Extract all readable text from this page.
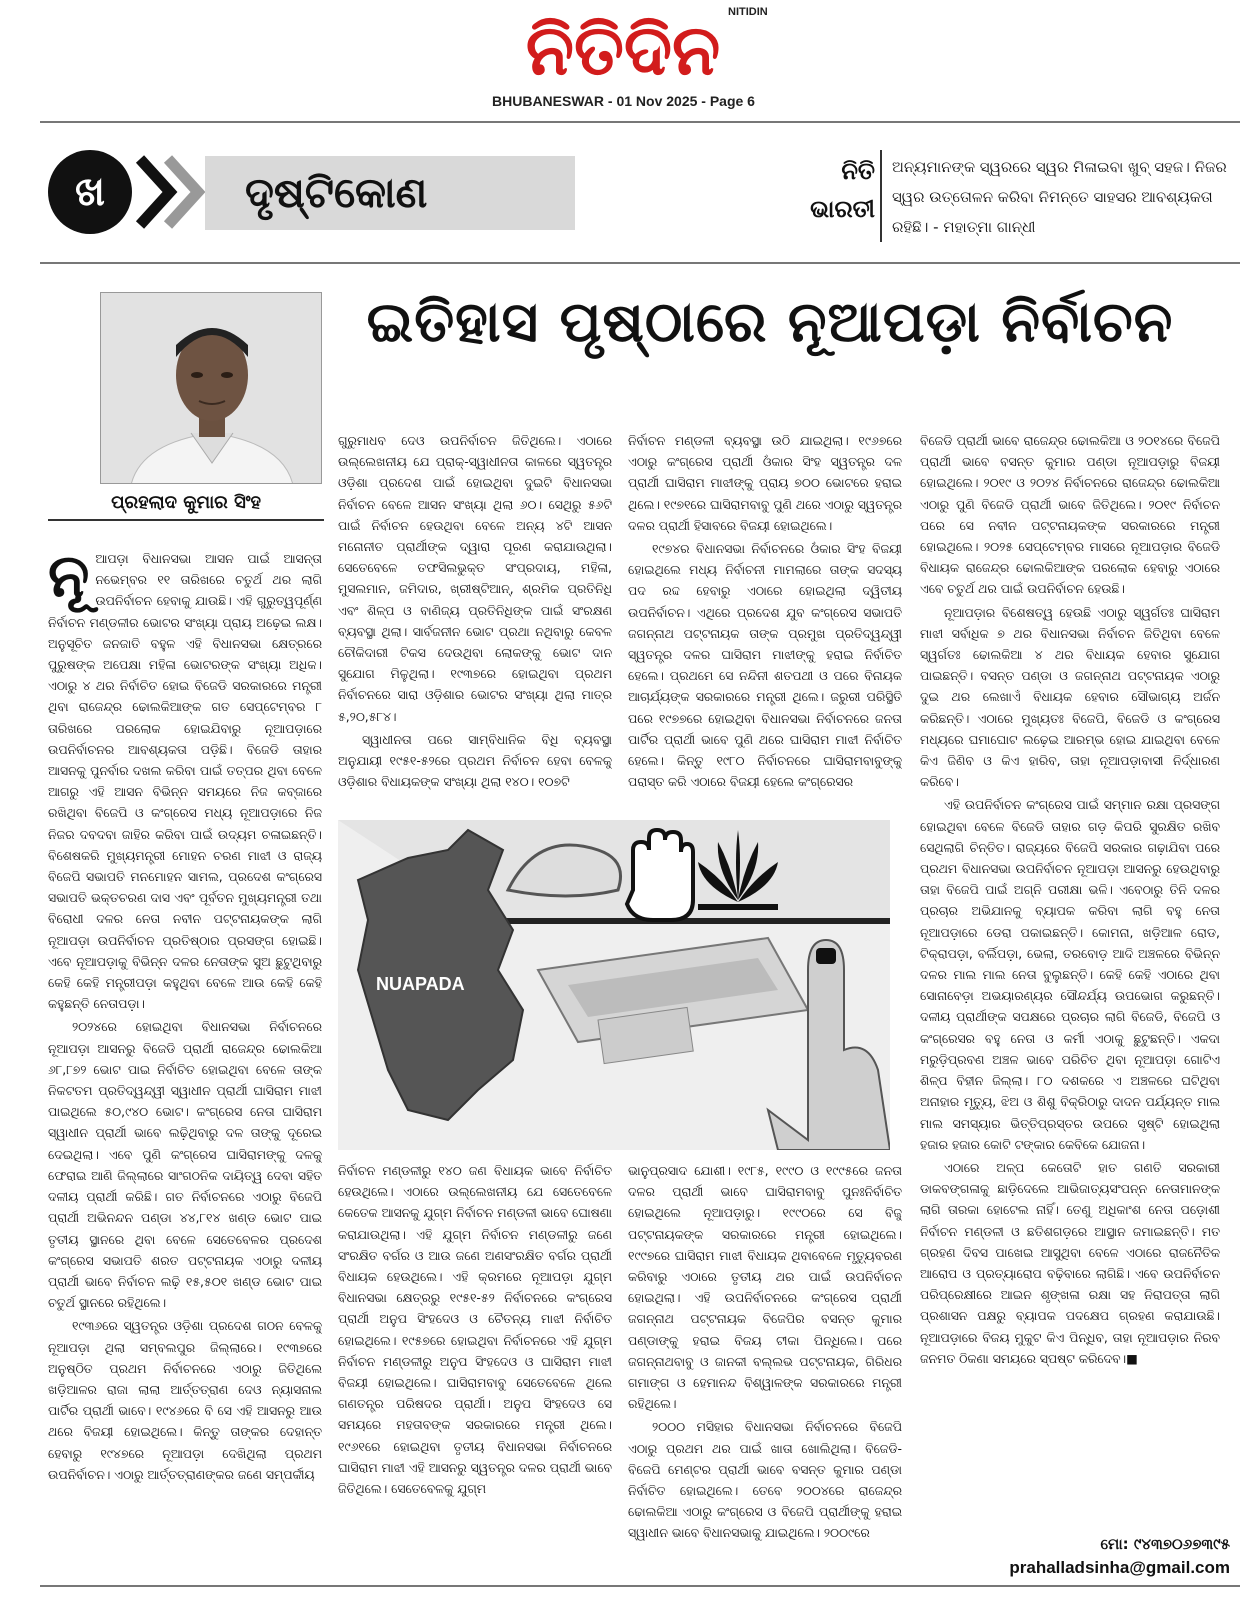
ନିତିଦିନ NITIDIN
BHUBANESWAR - 01 Nov 2025 - Page 6
ଖ	ଦୃଷ୍ଟିକୋଣ	ନିତି
ଭାରତୀ
ଅନ୍ୟମାନଙ୍କ ସ୍ୱରରେ ସ୍ୱର ମିଳାଇବା ଖୁବ୍ ସହଜ। ନିଜର ସ୍ୱର ଉତ୍ତୋଳନ କରିବା ନିମନ୍ତେ ସାହସର ଆବଶ୍ୟକତା ରହିଛି। - ମହାତ୍ମା ଗାନ୍ଧୀ
ପ୍ରହଲାଦ କୁମାର ସିଂହ
ଇତିହାସ ପୃଷ୍ଠାରେ ନୂଆପଡ଼ା ନିର୍ବାଚନ

ନୂଆପଡ଼ା ବିଧାନସଭା ଆସନ ପାଇଁ ଆସନ୍ତା ନଭେମ୍ବର ୧୧ ତାରିଖରେ ଚତୁର୍ଥ ଥର ଲାଗି ଉପନିର୍ବାଚନ ହେବାକୁ ଯାଉଛି। ଏହି ଗୁରୁତ୍ୱପୂର୍ଣ୍ଣ ନିର୍ବାଚନ ମଣ୍ଡଳୀର ଭୋଟର ସଂଖ୍ୟା ପ୍ରାୟ ଅଢ଼େଇ ଲକ୍ଷ। ଅନୁସୂଚିତ ଜନଜାତି ବହୁଳ ଏହି ବିଧାନସଭା କ୍ଷେତ୍ରରେ ପୁରୁଷଙ୍କ ଅପେକ୍ଷା ମହିଳା ଭୋଟରଙ୍କ ସଂଖ୍ୟା ଅଧିକ। ଏଠାରୁ ୪ ଥର ନିର୍ବାଚିତ ହୋଇ ବିଜେଡି ସରକାରରେ ମନ୍ତ୍ରୀ ଥିବା ରାଜେନ୍ଦ୍ର ଢୋଲକିଆଙ୍କ ଗତ ସେପ୍ଟେମ୍ବର ୮ ତାରିଖରେ ପରଲୋକ ହୋଇଯିବାରୁ ନୂଆପଡ଼ାରେ ଉପନିର୍ବାଚନର ଆବଶ୍ୟକତା ପଡ଼ିଛି। ବିଜେଡି ତାହାର ଆସନକୁ ପୁନର୍ବାର ଦଖଲ କରିବା ପାଇଁ ତତ୍ପର ଥିବା ବେଳେ ଆଗରୁ ଏହି ଆସନ ବିଭିନ୍ନ ସମୟରେ ନିଜ କବ୍ଜାରେ ରଖିଥିବା ବିଜେପି ଓ କଂଗ୍ରେସ ମଧ୍ୟ ନୂଆପଡ଼ାରେ ନିଜ ନିଜର ଦବଦବା ଜାହିର କରିବା ପାଇଁ ଉଦ୍ୟମ ଚଳାଇଛନ୍ତି। ବିଶେଷକରି ମୁଖ୍ୟମନ୍ତ୍ରୀ ମୋହନ ଚରଣ ମାଝୀ ଓ ରାଜ୍ୟ ବିଜେପି ସଭାପତି ମନମୋହନ ସାମଲ, ପ୍ରଦେଶ କଂଗ୍ରେସ ସଭାପତି ଭକ୍ତଚରଣ ଦାସ ଏବଂ ପୂର୍ବତନ ମୁଖ୍ୟମନ୍ତ୍ରୀ ତଥା ବିରୋଧୀ ଦଳର ନେତା ନବୀନ ପଟ୍ଟନାୟକଙ୍କ ଲାଗି ନୂଆପଡ଼ା ଉପନିର୍ବାଚନ ପ୍ରତିଷ୍ଠାର ପ୍ରସଙ୍ଗ ହୋଇଛି। ଏବେ ନୂଆପଡ଼ାକୁ ବିଭିନ୍ନ ଦଳର ନେତାଙ୍କ ସୁଅ ଛୁଟୁଥିବାରୁ କେହି କେହି ମନ୍ତ୍ରୀପଡ଼ା କହୁଥିବା ବେଳେ ଆଉ କେହି କେହି କହୁଛନ୍ତି ନେତାପଡ଼ା।

୨୦୨୪ରେ ହୋଇଥିବା ବିଧାନସଭା ନିର୍ବାଚନରେ ନୂଆପଡ଼ା ଆସନରୁ ବିଜେଡି ପ୍ରାର୍ଥୀ ରାଜେନ୍ଦ୍ର ଢୋଲକିଆ ୬୮,୮୭୨ ଭୋଟ ପାଇ ନିର୍ବାଚିତ ହୋଇଥିବା ବେଳେ ତାଙ୍କ ନିକଟତମ ପ୍ରତିଦ୍ୱନ୍ଦ୍ୱୀ ସ୍ୱାଧୀନ ପ୍ରାର୍ଥୀ ଘାସିରାମ ମାଝୀ ପାଇଥିଲେ ୫୦,୯୪୦ ଭୋଟ। କଂଗ୍ରେସ ନେତା ଘାସିରାମ ସ୍ୱାଧୀନ ପ୍ରାର୍ଥୀ ଭାବେ ଲଢ଼ିଥିବାରୁ ଦଳ ତାଙ୍କୁ ଦୂରେଇ ଦେଇଥିଲା। ଏବେ ପୁଣି କଂଗ୍ରେସ ଘାସିରାମଙ୍କୁ ଦଳକୁ ଫେରାଇ ଆଣି ଜିଲ୍ଲାରେ ସାଂଗଠନିକ ଦାୟିତ୍ୱ ଦେବା ସହିତ ଦଳୀୟ ପ୍ରାର୍ଥୀ କରିଛି। ଗତ ନିର୍ବାଚନରେ ଏଠାରୁ ବିଜେପି ପ୍ରାର୍ଥୀ ଅଭିନନ୍ଦନ ପଣ୍ଡା ୪୪,୮୧୪ ଖଣ୍ଡ ଭୋଟ ପାଇ ତୃତୀୟ ସ୍ଥାନରେ ଥିବା ବେଳେ ସେତେବେଳର ପ୍ରଦେଶ କଂଗ୍ରେସ ସଭାପତି ଶରତ ପଟ୍ଟନାୟକ ଏଠାରୁ ଦଳୀୟ ପ୍ରାର୍ଥୀ ଭାବେ ନିର୍ବାଚନ ଲଢ଼ି ୧୫,୫୦୧ ଖଣ୍ଡ ଭୋଟ ପାଇ ଚତୁର୍ଥ ସ୍ଥାନରେ ରହିଥିଲେ।

୧୯୩୬ରେ ସ୍ୱତନ୍ତ୍ର ଓଡ଼ିଶା ପ୍ରଦେଶ ଗଠନ ବେଳକୁ ନୂଆପଡ଼ା ଥିଲା ସମ୍ବଲପୁର ଜିଲ୍ଲାରେ। ୧୯୩୭ରେ ଅନୁଷ୍ଠିତ ପ୍ରଥମ ନିର୍ବାଚନରେ ଏଠାରୁ ଜିତିଥିଲେ ଖଡ଼ିଆଳର ରାଜା ଲାଲା ଆର୍ତ୍ତତ୍ରାଣ ଦେଓ ନ୍ୟାସନାଲ ପାର୍ଟିର ପ୍ରାର୍ଥୀ ଭାବେ। ୧୯୪୬ରେ ବି ସେ ଏହି ଆସନରୁ ଆଉ ଥରେ ବିଜୟୀ ହୋଇଥିଲେ। କିନ୍ତୁ ତାଙ୍କର ଦେହାନ୍ତ ହେବାରୁ ୧୯୪୭ରେ ନୂଆପଡ଼ା ଦେଖିଥିଲା ପ୍ରଥମ ଉପନିର୍ବାଚନ। ଏଠାରୁ ଆର୍ତ୍ତତ୍ରାଣଙ୍କର ଜଣେ ସମ୍ପର୍କୀୟ

ଗୁରୁମାଧବ ଦେଓ ଉପନିର୍ବାଚନ ଜିତିଥିଲେ। ଏଠାରେ ଉଲ୍ଲେଖନୀୟ ଯେ ପ୍ରାକ୍-ସ୍ୱାଧୀନତା କାଳରେ ସ୍ୱତନ୍ତ୍ର ଓଡ଼ିଶା ପ୍ରଦେଶ ପାଇଁ ହୋଇଥିବା ଦୁଇଟି ବିଧାନସଭା ନିର୍ବାଚନ ବେଳେ ଆସନ ସଂଖ୍ୟା ଥିଲା ୬୦। ସେଥିରୁ ୫୬ଟି ପାଇଁ ନିର୍ବାଚନ ହେଉଥିବା ବେଳେ ଅନ୍ୟ ୪ଟି ଆସନ ମନୋନୀତ ପ୍ରାର୍ଥୀଙ୍କ ଦ୍ୱାରା ପୂରଣ କରାଯାଉଥିଲା। ସେତେବେଳେ ତଫସିଲଭୁକ୍ତ ସଂପ୍ରଦାୟ, ମହିଳା, ମୁସଲମାନ, ଜମିଦାର, ଖ୍ରୀଷ୍ଟିଆନ୍, ଶ୍ରମିକ ପ୍ରତିନିଧି ଏବଂ ଶିଳ୍ପ ଓ ବାଣିଜ୍ୟ ପ୍ରତିନିଧିଙ୍କ ପାଇଁ ସଂରକ୍ଷଣ ବ୍ୟବସ୍ଥା ଥିଲା। ସାର୍ବଜନୀନ ଭୋଟ ପ୍ରଥା ନଥିବାରୁ କେବଳ ଚୌକିଦାରୀ ଟିକସ ଦେଉଥିବା ଲୋକଙ୍କୁ ଭୋଟ ଦାନ ସୁଯୋଗ ମିଳୁଥିଲା। ୧୯୩୭ରେ ହୋଇଥିବା ପ୍ରଥମ ନିର୍ବାଚନରେ ସାରା ଓଡ଼ିଶାର ଭୋଟର ସଂଖ୍ୟା ଥିଲା ମାତ୍ର ୫,୨୦,୫୮୪।

ସ୍ୱାଧୀନତା ପରେ ସାମ୍ବିଧାନିକ ବିଧି ବ୍ୟବସ୍ଥା ଅନୁଯାୟୀ ୧୯୫୧-୫୨ରେ ପ୍ରଥମ ନିର୍ବାଚନ ହେବା ବେଳକୁ ଓଡ଼ିଶାର ବିଧାୟକଙ୍କ ସଂଖ୍ୟା ଥିଲା ୧୪୦। ୧୦୭ଟି

ନିର୍ବାଚନ ମଣ୍ଡଳୀ ବ୍ୟବସ୍ଥା ଉଠି ଯାଇଥିଲା। ୧୯୬୭ରେ ଏଠାରୁ କଂଗ୍ରେସ ପ୍ରାର୍ଥୀ ଓଁକାର ସିଂହ ସ୍ୱତନ୍ତ୍ର ଦଳ ପ୍ରାର୍ଥୀ ଘାସିରାମ ମାଝୀଙ୍କୁ ପ୍ରାୟ ୭୦୦ ଭୋଟରେ ହରାଇ ଥିଲେ। ୧୯୭୧ରେ ଘାସିରାମବାବୁ ପୁଣି ଥରେ ଏଠାରୁ ସ୍ୱତନ୍ତ୍ର ଦଳର ପ୍ରାର୍ଥୀ ହିସାବରେ ବିଜୟୀ ହୋଇଥିଲେ।

୧୯୭୪ର ବିଧାନସଭା ନିର୍ବାଚନରେ ଓଁକାର ସିଂହ ବିଜୟୀ ହୋଇଥିଲେ ମଧ୍ୟ ନିର୍ବାଚନୀ ମାମଲାରେ ତାଙ୍କ ସଦସ୍ୟ ପଦ ରଦ୍ଦ ହେବାରୁ ଏଠାରେ ହୋଇଥିଲା ଦ୍ୱିତୀୟ ଉପନିର୍ବାଚନ। ଏଥିରେ ପ୍ରଦେଶ ଯୁବ କଂଗ୍ରେସ ସଭାପତି ଜଗନ୍ନାଥ ପଟ୍ଟନାୟକ ତାଙ୍କ ପ୍ରମୁଖ ପ୍ରତିଦ୍ୱନ୍ଦ୍ୱୀ ସ୍ୱତନ୍ତ୍ର ଦଳର ଘାସିରାମ ମାଝୀଙ୍କୁ ହରାଇ ନିର୍ବାଚିତ ହେଲେ। ପ୍ରଥମେ ସେ ନନ୍ଦିନୀ ଶତପଥୀ ଓ ପରେ ବିନାୟକ ଆଚାର୍ଯ୍ୟଙ୍କ ସରକାରରେ ମନ୍ତ୍ରୀ ଥିଲେ। ଜରୁରୀ ପରିସ୍ଥିତି ପରେ ୧୯୭୭ରେ ହୋଇଥିବା ବିଧାନସଭା ନିର୍ବାଚନରେ ଜନତା ପାର୍ଟିର ପ୍ରାର୍ଥୀ ଭାବେ ପୁଣି ଥରେ ଘାସିରାମ ମାଝୀ ନିର୍ବାଚିତ ହେଲେ। କିନ୍ତୁ ୧୯୮୦ ନିର୍ବାଚନରେ ଘାସିରାମବାବୁଙ୍କୁ ପରାସ୍ତ କରି ଏଠାରେ ବିଜୟୀ ହେଲେ କଂଗ୍ରେସର

ବିଜେଡି ପ୍ରାର୍ଥୀ ଭାବେ ରାଜେନ୍ଦ୍ର ଢୋଲକିଆ ଓ ୨୦୧୪ରେ ବିଜେପି ପ୍ରାର୍ଥୀ ଭାବେ ବସନ୍ତ କୁମାର ପଣ୍ଡା ନୂଆପଡ଼ାରୁ ବିଜୟୀ ହୋଇଥିଲେ। ୨୦୧୯ ଓ ୨୦୨୪ ନିର୍ବାଚନରେ ରାଜେନ୍ଦ୍ର ଢୋଲକିଆ ଏଠାରୁ ପୁଣି ବିଜେଡି ପ୍ରାର୍ଥୀ ଭାବେ ଜିତିଥିଲେ। ୨୦୧୯ ନିର୍ବାଚନ ପରେ ସେ ନବୀନ ପଟ୍ଟନାୟକଙ୍କ ସରକାରରେ ମନ୍ତ୍ରୀ ହୋଇଥିଲେ। ୨୦୨୫ ସେପ୍ଟେମ୍ବର ମାସରେ ନୂଆପଡ଼ାର ବିଜେଡି ବିଧାୟକ ରାଜେନ୍ଦ୍ର ଢୋଲକିଆଙ୍କ ପରଲୋକ ହେବାରୁ ଏଠାରେ ଏବେ ଚତୁର୍ଥ ଥର ପାଇଁ ଉପନିର୍ବାଚନ ହେଉଛି।

ନୂଆପଡ଼ାର ବିଶେଷତ୍ୱ ହେଉଛି ଏଠାରୁ ସ୍ୱର୍ଗତଃ ଘାସିରାମ ମାଝୀ ସର୍ବାଧିକ ୭ ଥର ବିଧାନସଭା ନିର୍ବାଚନ ଜିତିଥିବା ବେଳେ ସ୍ୱର୍ଗତଃ ଢୋଲକିଆ ୪ ଥର ବିଧାୟକ ହେବାର ସୁଯୋଗ ପାଇଛନ୍ତି। ବସନ୍ତ ପଣ୍ଡା ଓ ଜଗନ୍ନାଥ ପଟ୍ଟନାୟକ ଏଠାରୁ ଦୁଇ ଥର ଲେଖାଏଁ ବିଧାୟକ ହେବାର ସୌଭାଗ୍ୟ ଅର୍ଜନ କରିଛନ୍ତି। ଏଠାରେ ମୁଖ୍ୟତଃ ବିଜେପି, ବିଜେଡି ଓ କଂଗ୍ରେସ ମଧ୍ୟରେ ଘମାଘୋଟ ଲଢ଼େଇ ଆରମ୍ଭ ହୋଇ ଯାଇଥିବା ବେଳେ କିଏ ଜିଣିବ ଓ କିଏ ହାରିବ, ତାହା ନୂଆପଡ଼ାବାସୀ ନିର୍ଦ୍ଧାରଣ କରିବେ।

ଏହି ଉପନିର୍ବାଚନ କଂଗ୍ରେସ ପାଇଁ ସମ୍ମାନ ରକ୍ଷା ପ୍ରସଙ୍ଗ ହୋଇଥିବା ବେଳେ ବିଜେଡି ତାହାର ଗଡ଼ କିପରି ସୁରକ୍ଷିତ ରଖିବ ସେଥିଲାଗି ଚିନ୍ତିତ। ରାଜ୍ୟରେ ବିଜେପି ସରକାର ଗଢ଼ାଯିବା ପରେ ପ୍ରଥମ ବିଧାନସଭା ଉପନିର୍ବାଚନ ନୂଆପଡ଼ା ଆସନରୁ ହେଉଥିବାରୁ ତାହା ବିଜେପି ପାଇଁ ଅଗ୍ନି ପରୀକ୍ଷା ଭଳି। ଏବେଠାରୁ ତିନି ଦଳର ପ୍ରଚାର ଅଭିଯାନକୁ ବ୍ୟାପକ କରିବା ଲାଗି ବହୁ ନେତା ନୂଆପଡ଼ାରେ ଡେରା ପକାଇଛନ୍ତି। କୋମନା, ଖଡ଼ିଆଳ ରୋଡ, ଟିକ୍ରାପଡ଼ା, ବର୍ଲିପଡ଼ା, ଭେଲା, ତରବୋଡ଼ ଆଦି ଅଞ୍ଚଳରେ ବିଭିନ୍ନ ଦଳର ମାଲ ମାଲ ନେତା ବୁଲୁଛନ୍ତି। କେହି କେହି ଏଠାରେ ଥିବା ସୋନାବେଡ଼ା ଅଭୟାରଣ୍ୟର ସୌନ୍ଦର୍ଯ୍ୟ ଉପଭୋଗ କରୁଛନ୍ତି। ଦଳୀୟ ପ୍ରାର୍ଥୀଙ୍କ ସପକ୍ଷରେ ପ୍ରଚାର ଲାଗି ବିଜେଡି, ବିଜେପି ଓ କଂଗ୍ରେସର ବହୁ ନେତା ଓ କର୍ମୀ ଏଠାକୁ ଛୁଟୁଛନ୍ତି। ଏକଦା ମରୁଡ଼ିପ୍ରବଣ ଅଞ୍ଚଳ ଭାବେ ପରିଚିତ ଥିବା ନୂଆପଡ଼ା ଗୋଟିଏ ଶିଳ୍ପ ବିହୀନ ଜିଲ୍ଲା। ୮୦ ଦଶକରେ ଏ ଅଞ୍ଚଳରେ ଘଟିଥିବା ଅନାହାର ମୃତ୍ୟୁ, ଝିଅ ଓ ଶିଶୁ ବିକ୍ରିଠାରୁ ଦାଦନ ପର୍ଯ୍ୟନ୍ତ ମାଲ ମାଲ ସମସ୍ୟାର ଭିତ୍ତିପ୍ରସ୍ତର ଉପରେ ସୃଷ୍ଟି ହୋଇଥିଲା ହଜାର ହଜାର କୋଟି ଟଙ୍କାର କେବିକେ ଯୋଜନା।

ଏଠାରେ ଅଳ୍ପ କେତୋଟି ହାତ ଗଣତି ସରକାରୀ ଡାକବଙ୍ଗଳାକୁ ଛାଡ଼ିଦେଲେ ଆଭିଜାତ୍ୟସଂପନ୍ନ ନେତାମାନଙ୍କ ଲାଗି ତାରକା ହୋଟେଲ ନାହିଁ। ତେଣୁ ଅଧିକାଂଶ ନେତା ପଡ଼ୋଶୀ ନିର୍ବାଚନ ମଣ୍ଡଳୀ ଓ ଛତିଶଗଡ଼ରେ ଆସ୍ଥାନ ଜମାଇଛନ୍ତି। ମତ ଗ୍ରହଣ ଦିବସ ପାଖେଇ ଆସୁଥିବା ବେଳେ ଏଠାରେ ରାଜନୈତିକ ଆରୋପ ଓ ପ୍ରତ୍ୟାରୋପ ବଢ଼ିବାରେ ଲାଗିଛି। ଏବେ ଉପନିର୍ବାଚନ ପରିପ୍ରେକ୍ଷୀରେ ଆଇନ ଶୃଙ୍ଖଳା ରକ୍ଷା ସହ ନିରାପତ୍ତା ଲାଗି ପ୍ରଶାସନ ପକ୍ଷରୁ ବ୍ୟାପକ ପଦକ୍ଷେପ ଗ୍ରହଣ କରାଯାଉଛି। ନୂଆପଡ଼ାରେ ବିଜୟ ମୁକୁଟ କିଏ ପିନ୍ଧିବ, ତାହା ନୂଆପଡ଼ାର ନିରବ ଜନମତ ଠିକଣା ସମୟରେ ସ୍ପଷ୍ଟ କରିଦେବ।■

NUAPADA

ନିର୍ବାଚନ ମଣ୍ଡଳୀରୁ ୧୪୦ ଜଣ ବିଧାୟକ ଭାବେ ନିର୍ବାଚିତ ହେଉଥିଲେ। ଏଠାରେ ଉଲ୍ଲେଖନୀୟ ଯେ ସେତେବେଳେ କେତେକ ଆସନକୁ ଯୁଗ୍ମ ନିର୍ବାଚନ ମଣ୍ଡଳୀ ଭାବେ ଘୋଷଣା କରାଯାଉଥିଲା। ଏହି ଯୁଗ୍ମ ନିର୍ବାଚନ ମଣ୍ଡଳୀରୁ ଜଣେ ସଂରକ୍ଷିତ ବର୍ଗର ଓ ଆଉ ଜଣେ ଅଣସଂରକ୍ଷିତ ବର୍ଗର ପ୍ରାର୍ଥୀ ବିଧାୟକ ହେଉଥିଲେ। ଏହି କ୍ରମରେ ନୂଆପଡ଼ା ଯୁଗ୍ମ ବିଧାନସଭା କ୍ଷେତ୍ରରୁ ୧୯୫୧-୫୨ ନିର୍ବାଚନରେ କଂଗ୍ରେସ ପ୍ରାର୍ଥୀ ଅନୁପ ସିଂହଦେଓ ଓ ଚୈତନ୍ୟ ମାଝୀ ନିର୍ବାଚିତ ହୋଇଥିଲେ। ୧୯୫୭ରେ ହୋଇଥିବା ନିର୍ବାଚନରେ ଏହି ଯୁଗ୍ମ ନିର୍ବାଚନ ମଣ୍ଡଳୀରୁ ଅନୁପ ସିଂହଦେଓ ଓ ଘାସିରାମ ମାଝୀ ବିଜୟୀ ହୋଇଥିଲେ। ଘାସିରାମବାବୁ ସେତେବେଳେ ଥିଲେ ଗଣତନ୍ତ୍ର ପରିଷଦର ପ୍ରାର୍ଥୀ। ଅନୁପ ସିଂହଦେଓ ସେ ସମୟରେ ମହତାବଙ୍କ ସରକାରରେ ମନ୍ତ୍ରୀ ଥିଲେ। ୧୯୬୧ରେ ହୋଇଥିବା ତୃତୀୟ ବିଧାନସଭା ନିର୍ବାଚନରେ ଘାସିରାମ ମାଝୀ ଏହି ଆସନରୁ ସ୍ୱତନ୍ତ୍ର ଦଳର ପ୍ରାର୍ଥୀ ଭାବେ ଜିତିଥିଲେ। ସେତେବେଳକୁ ଯୁଗ୍ମ

ଭାନୁପ୍ରସାଦ ଯୋଶୀ। ୧୯୮୫, ୧୯୯୦ ଓ ୧୯୯୫ରେ ଜନତା ଦଳର ପ୍ରାର୍ଥୀ ଭାବେ ଘାସିରାମବାବୁ ପୁନଃନିର୍ବାଚିତ ହୋଇଥିଲେ ନୂଆପଡ଼ାରୁ। ୧୯୯୦ରେ ସେ ବିଜୁ ପଟ୍ଟନାୟକଙ୍କ ସରକାରରେ ମନ୍ତ୍ରୀ ହୋଇଥିଲେ। ୧୯୯୭ରେ ଘାସିରାମ ମାଝୀ ବିଧାୟକ ଥିବାବେଳେ ମୃତ୍ୟୁବରଣ କରିବାରୁ ଏଠାରେ ତୃତୀୟ ଥର ପାଇଁ ଉପନିର୍ବାଚନ ହୋଇଥିଲା। ଏହି ଉପନିର୍ବାଚନରେ କଂଗ୍ରେସ ପ୍ରାର୍ଥୀ ଜଗନ୍ନାଥ ପଟ୍ଟନାୟକ ବିଜେପିର ବସନ୍ତ କୁମାର ପଣ୍ଡାଙ୍କୁ ହରାଇ ବିଜୟ ଟୀକା ପିନ୍ଧିଲେ। ପରେ ଜଗନ୍ନାଥବାବୁ ଓ ଜାନକୀ ବଲ୍ଲଭ ପଟ୍ଟନାୟକ, ଗିରିଧର ଗମାଙ୍ଗ ଓ ହେମାନନ୍ଦ ବିଶ୍ୱାଳଙ୍କ ସରକାରରେ ମନ୍ତ୍ରୀ ରହିଥିଲେ।

୨୦୦୦ ମସିହାର ବିଧାନସଭା ନିର୍ବାଚନରେ ବିଜେପି ଏଠାରୁ ପ୍ରଥମ ଥର ପାଇଁ ଖାତା ଖୋଲିଥିଲା। ବିଜେଡି-ବିଜେପି ମେଣ୍ଟର ପ୍ରାର୍ଥୀ ଭାବେ ବସନ୍ତ କୁମାର ପଣ୍ଡା ନିର୍ବାଚିତ ହୋଇଥିଲେ। ତେବେ ୨୦୦୪ରେ ରାଜେନ୍ଦ୍ର ଢୋଲକିଆ ଏଠାରୁ କଂଗ୍ରେସ ଓ ବିଜେପି ପ୍ରାର୍ଥୀଙ୍କୁ ହରାଇ ସ୍ୱାଧୀନ ଭାବେ ବିଧାନସଭାକୁ ଯାଇଥିଲେ। ୨୦୦୯ରେ

ମୋ: ୯୪୩୭୦୬୭୩୯୫
prahalladsinha@gmail.com
